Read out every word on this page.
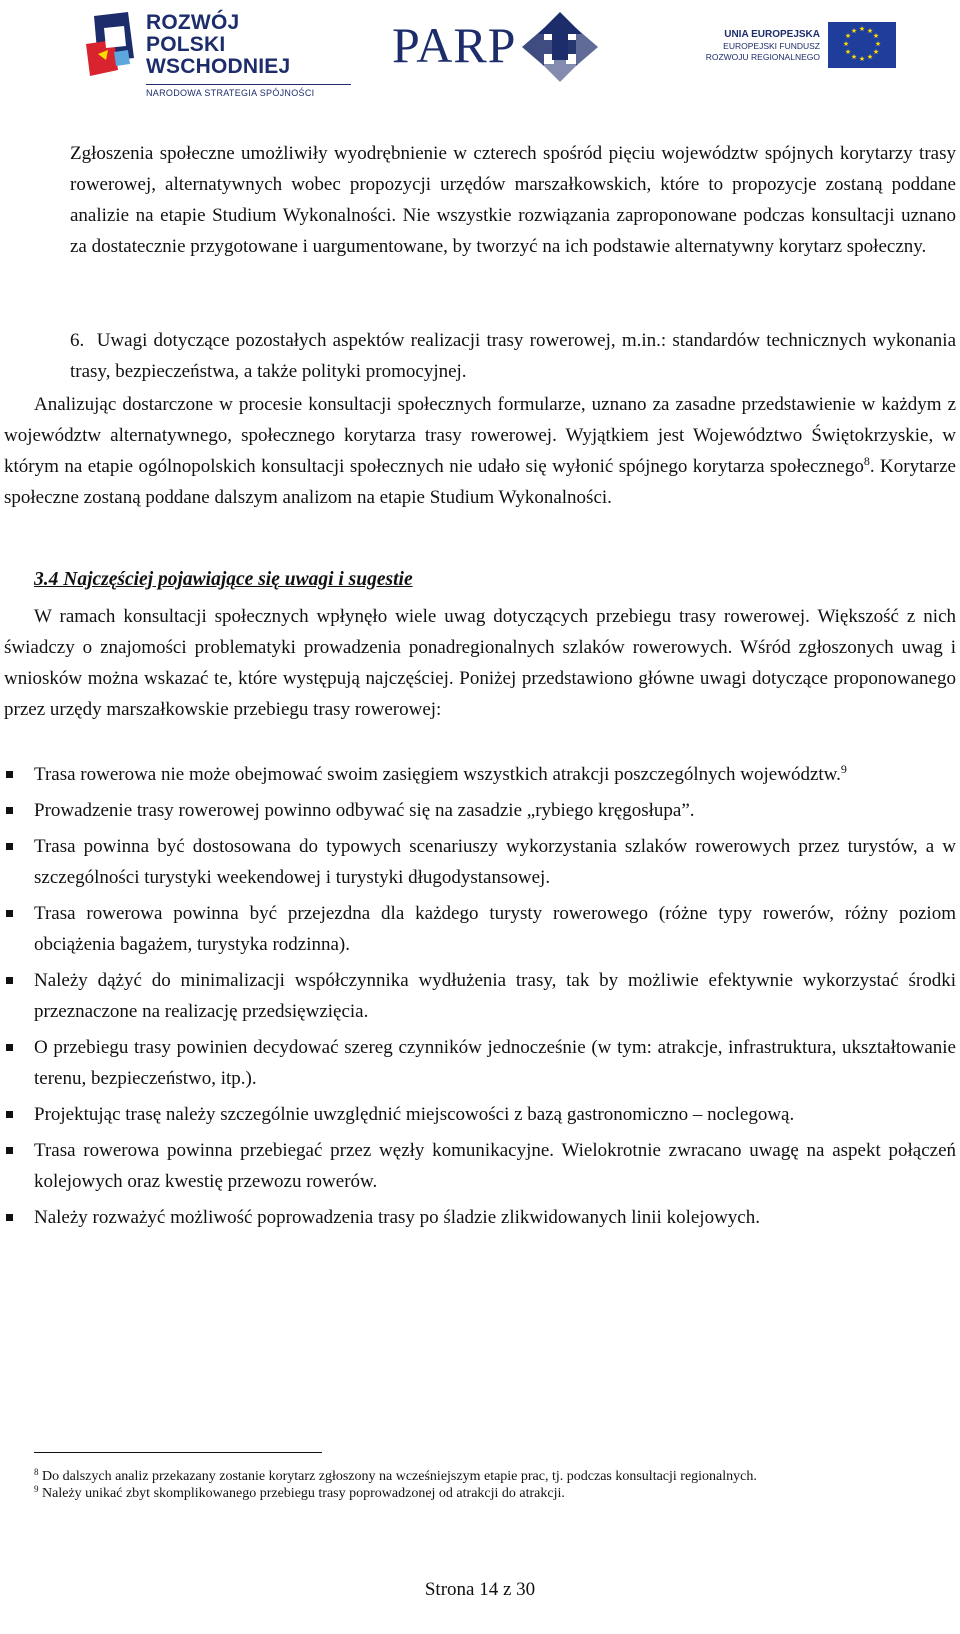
ROZWÓJ
POLSKI WSCHODNIEJ
NARODOWA STRATEGIA SPÓJNOŚCI
PARP	UNIA EUROPEJSKA
EUROPEJSKI FUNDUSZ
ROZWOJU REGIONALNEGO
★ ★
★
★
★
★
★
★
★
★
★
★
Zgłoszenia społeczne umożliwiły wyodrębnienie w czterech spośród pięciu województw spójnych korytarzy trasy rowerowej, alternatywnych wobec propozycji urzędów marszałkowskich, które to propozycje zostaną poddane analizie na etapie Studium Wykonalności. Nie wszystkie rozwiązania zaproponowane podczas konsultacji uznano za dostatecznie przygotowane i uargumentowane, by tworzyć na ich podstawie alternatywny korytarz społeczny.
6. Uwagi dotyczące pozostałych aspektów realizacji trasy rowerowej, m.in.: standardów technicznych wykonania trasy, bezpieczeństwa, a także polityki promocyjnej.
Analizując dostarczone w procesie konsultacji społecznych formularze, uznano za zasadne przedstawienie w każdym z województw alternatywnego, społecznego korytarza trasy rowerowej. Wyjątkiem jest Województwo Świętokrzyskie, w którym na etapie ogólnopolskich konsultacji społecznych nie udało się wyłonić spójnego korytarza społecznego$^8$. Korytarze społeczne zostaną poddane dalszym analizom na etapie Studium Wykonalności.
3.4 Najczęściej pojawiające się uwagi i sugestie
W ramach konsultacji społecznych wpłynęło wiele uwag dotyczących przebiegu trasy rowerowej. Większość z nich świadczy o znajomości problematyki prowadzenia ponadregionalnych szlaków rowerowych. Wśród zgłoszonych uwag i wniosków można wskazać te, które występują najczęściej. Poniżej przedstawiono główne uwagi dotyczące proponowanego przez urzędy marszałkowskie przebiegu trasy rowerowej:
Trasa rowerowa nie może obejmować swoim zasięgiem wszystkich atrakcji poszczególnych województw.$^9$
Prowadzenie trasy rowerowej powinno odbywać się na zasadzie „rybiego kręgosłupa”.
Trasa powinna być dostosowana do typowych scenariuszy wykorzystania szlaków rowerowych przez turystów, a w szczególności turystyki weekendowej i turystyki długodystansowej.
Trasa rowerowa powinna być przejezdna dla każdego turysty rowerowego (różne typy rowerów, różny poziom obciążenia bagażem, turystyka rodzinna).
Należy dążyć do minimalizacji współczynnika wydłużenia trasy, tak by możliwie efektywnie wykorzystać środki przeznaczone na realizację przedsięwzięcia.
O przebiegu trasy powinien decydować szereg czynników jednocześnie (w tym: atrakcje, infrastruktura, ukształtowanie terenu, bezpieczeństwo, itp.).
Projektując trasę należy szczególnie uwzględnić miejscowości z bazą gastronomiczno – noclegową.
Trasa rowerowa powinna przebiegać przez węzły komunikacyjne. Wielokrotnie zwracano uwagę na aspekt połączeń kolejowych oraz kwestię przewozu rowerów.
Należy rozważyć możliwość poprowadzenia trasy po śladzie zlikwidowanych linii kolejowych.
$^8$ Do dalszych analiz przekazany zostanie korytarz zgłoszony na wcześniejszym etapie prac, tj. podczas konsultacji regionalnych.
$^9$ Należy unikać zbyt skomplikowanego przebiegu trasy poprowadzonej od atrakcji do atrakcji.
Strona 14 z 30
